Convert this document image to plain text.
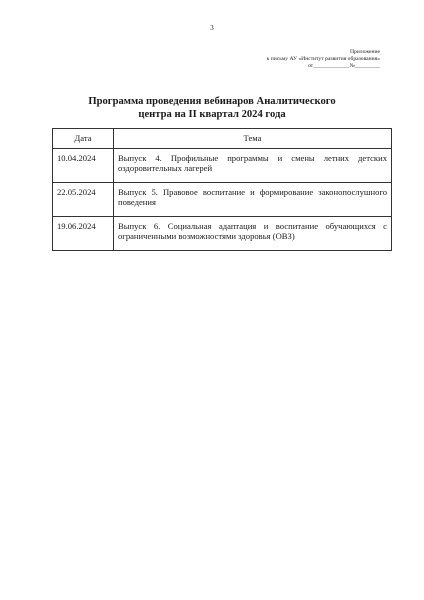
3
Приложение
к письму АУ «Институт развития образования»
от_____________№_________
Программа проведения вебинаров Аналитического
центра на II квартал 2024 года
Дата	Тема
10.04.2024	Выпуск 4. Профильные программы и смены летних детских оздоровительных лагерей
22.05.2024	Выпуск 5. Правовое воспитание и формирование законопослушного поведения
19.06.2024	Выпуск 6. Социальная адаптация и воспитание обучающихся с ограниченными возможностями здоровья (ОВЗ)
